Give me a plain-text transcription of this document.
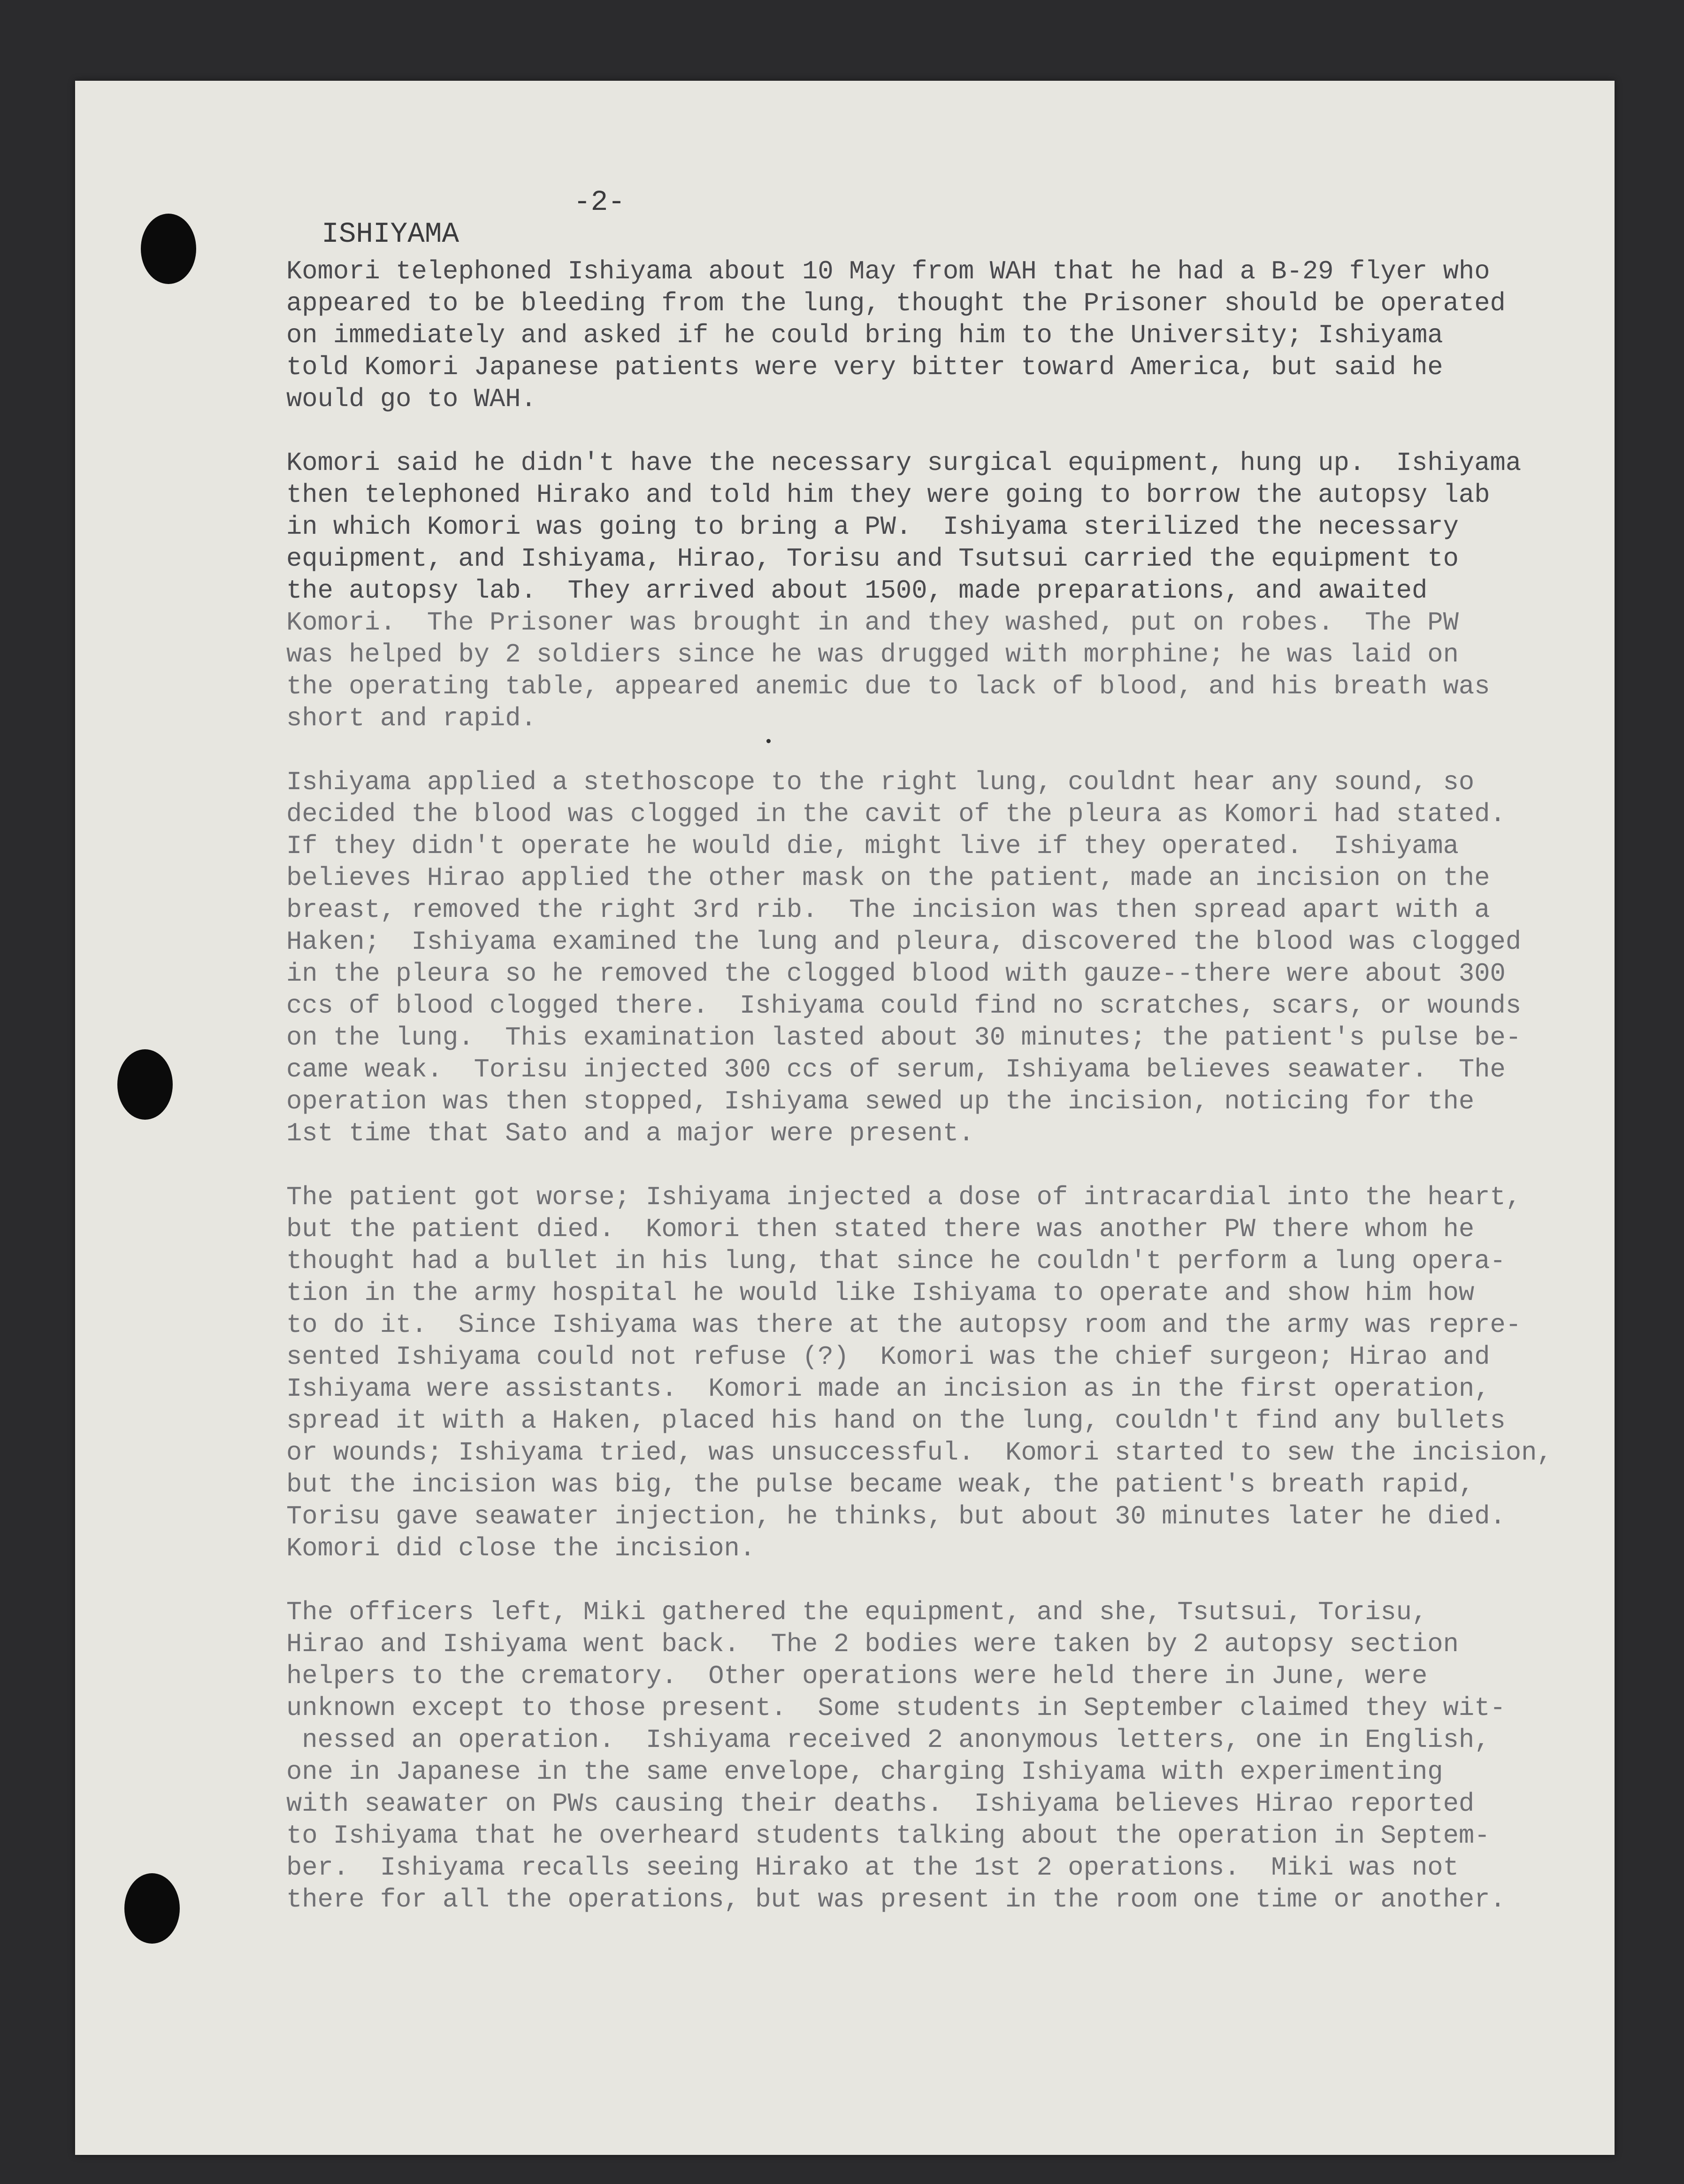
ISHIYAMA

-2-

Komori telephoned Ishiyama about 10 May from WAH that he had a B-29 flyer who
appeared to be bleeding from the lung, thought the Prisoner should be operated
on immediately and asked if he could bring him to the University; Ishiyama
told Komori Japanese patients were very bitter toward America, but said he
would go to WAH.
Komori said he didn't have the necessary surgical equipment, hung up.  Ishiyama
then telephoned Hirako and told him they were going to borrow the autopsy lab
in which Komori was going to bring a PW.  Ishiyama sterilized the necessary
equipment, and Ishiyama, Hirao, Torisu and Tsutsui carried the equipment to
the autopsy lab.  They arrived about 1500, made preparations, and awaited
Komori.  The Prisoner was brought in and they washed, put on robes.  The PW
was helped by 2 soldiers since he was drugged with morphine; he was laid on
the operating table, appeared anemic due to lack of blood, and his breath was
short and rapid.
Ishiyama applied a stethoscope to the right lung, couldnt hear any sound, so
decided the blood was clogged in the cavit of the pleura as Komori had stated.
If they didn't operate he would die, might live if they operated.  Ishiyama
believes Hirao applied the other mask on the patient, made an incision on the
breast, removed the right 3rd rib.  The incision was then spread apart with a
Haken;  Ishiyama examined the lung and pleura, discovered the blood was clogged
in the pleura so he removed the clogged blood with gauze--there were about 300
ccs of blood clogged there.  Ishiyama could find no scratches, scars, or wounds
on the lung.  This examination lasted about 30 minutes; the patient's pulse be-
came weak.  Torisu injected 300 ccs of serum, Ishiyama believes seawater.  The
operation was then stopped, Ishiyama sewed up the incision, noticing for the
1st time that Sato and a major were present.
The patient got worse; Ishiyama injected a dose of intracardial into the heart,
but the patient died.  Komori then stated there was another PW there whom he
thought had a bullet in his lung, that since he couldn't perform a lung opera-
tion in the army hospital he would like Ishiyama to operate and show him how
to do it.  Since Ishiyama was there at the autopsy room and the army was repre-
sented Ishiyama could not refuse (?)  Komori was the chief surgeon; Hirao and
Ishiyama were assistants.  Komori made an incision as in the first operation,
spread it with a Haken, placed his hand on the lung, couldn't find any bullets
or wounds; Ishiyama tried, was unsuccessful.  Komori started to sew the incision,
but the incision was big, the pulse became weak, the patient's breath rapid,
Torisu gave seawater injection, he thinks, but about 30 minutes later he died.
Komori did close the incision.
The officers left, Miki gathered the equipment, and she, Tsutsui, Torisu,
Hirao and Ishiyama went back.  The 2 bodies were taken by 2 autopsy section
helpers to the crematory.  Other operations were held there in June, were
unknown except to those present.  Some students in September claimed they wit-
nessed an operation.  Ishiyama received 2 anonymous letters, one in English,
one in Japanese in the same envelope, charging Ishiyama with experimenting
with seawater on PWs causing their deaths.  Ishiyama believes Hirao reported
to Ishiyama that he overheard students talking about the operation in Septem-
ber.  Ishiyama recalls seeing Hirako at the 1st 2 operations.  Miki was not
there for all the operations, but was present in the room one time or another.
